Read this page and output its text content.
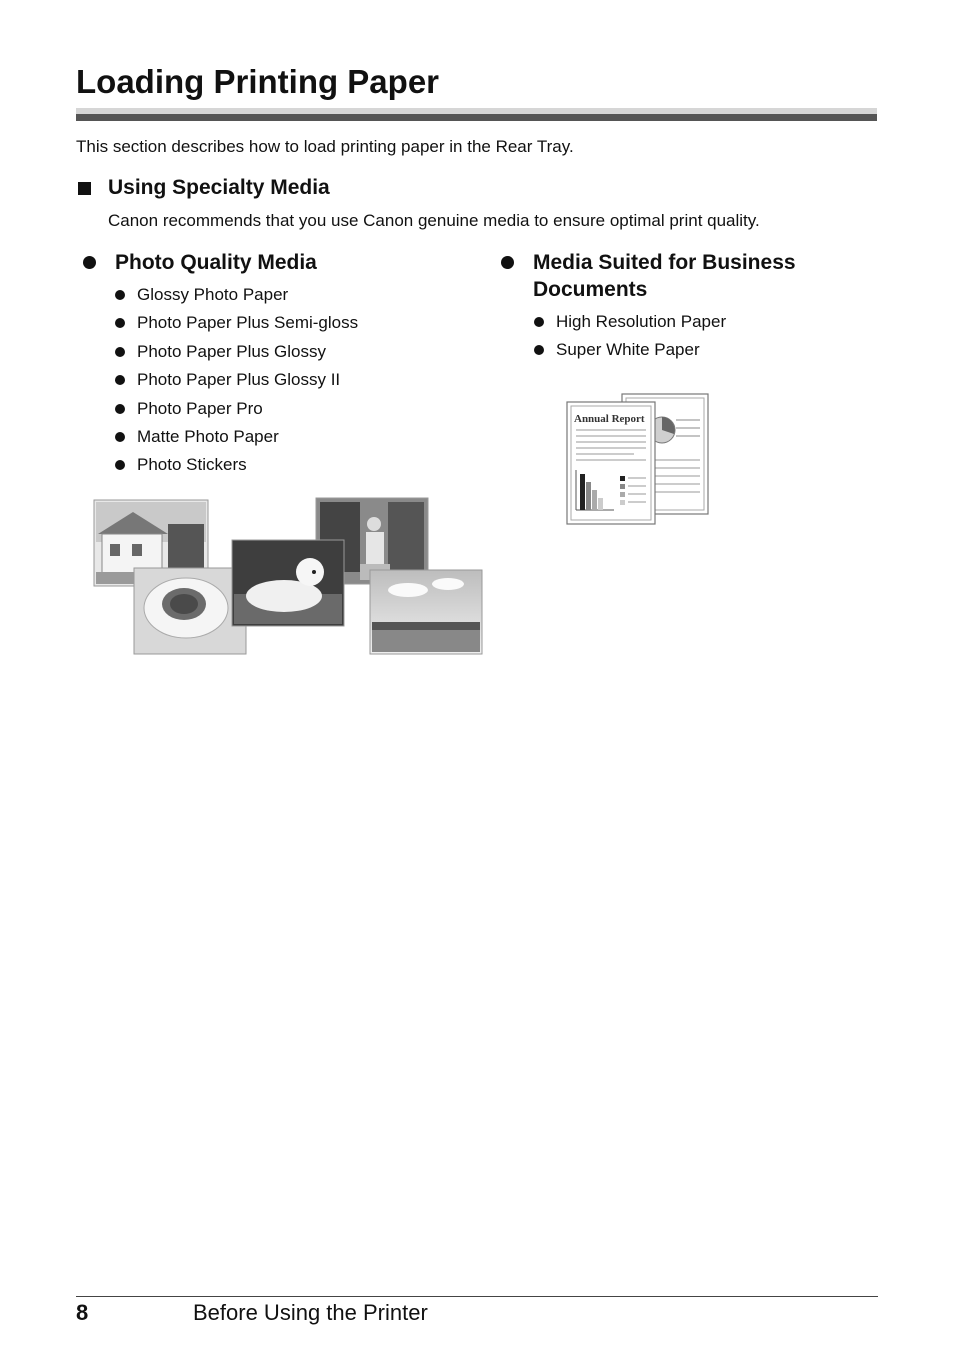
Loading Printing Paper
This section describes how to load printing paper in the Rear Tray.
Using Specialty Media
Canon recommends that you use Canon genuine media to ensure optimal print quality.
Photo Quality Media
Glossy Photo Paper
Photo Paper Plus Semi-gloss
Photo Paper Plus Glossy
Photo Paper Plus Glossy II
Photo Paper Pro
Matte Photo Paper
Photo Stickers
Media Suited for Business
Documents
High Resolution Paper
Super White Paper
Annual Report
8	Before Using the Printer
